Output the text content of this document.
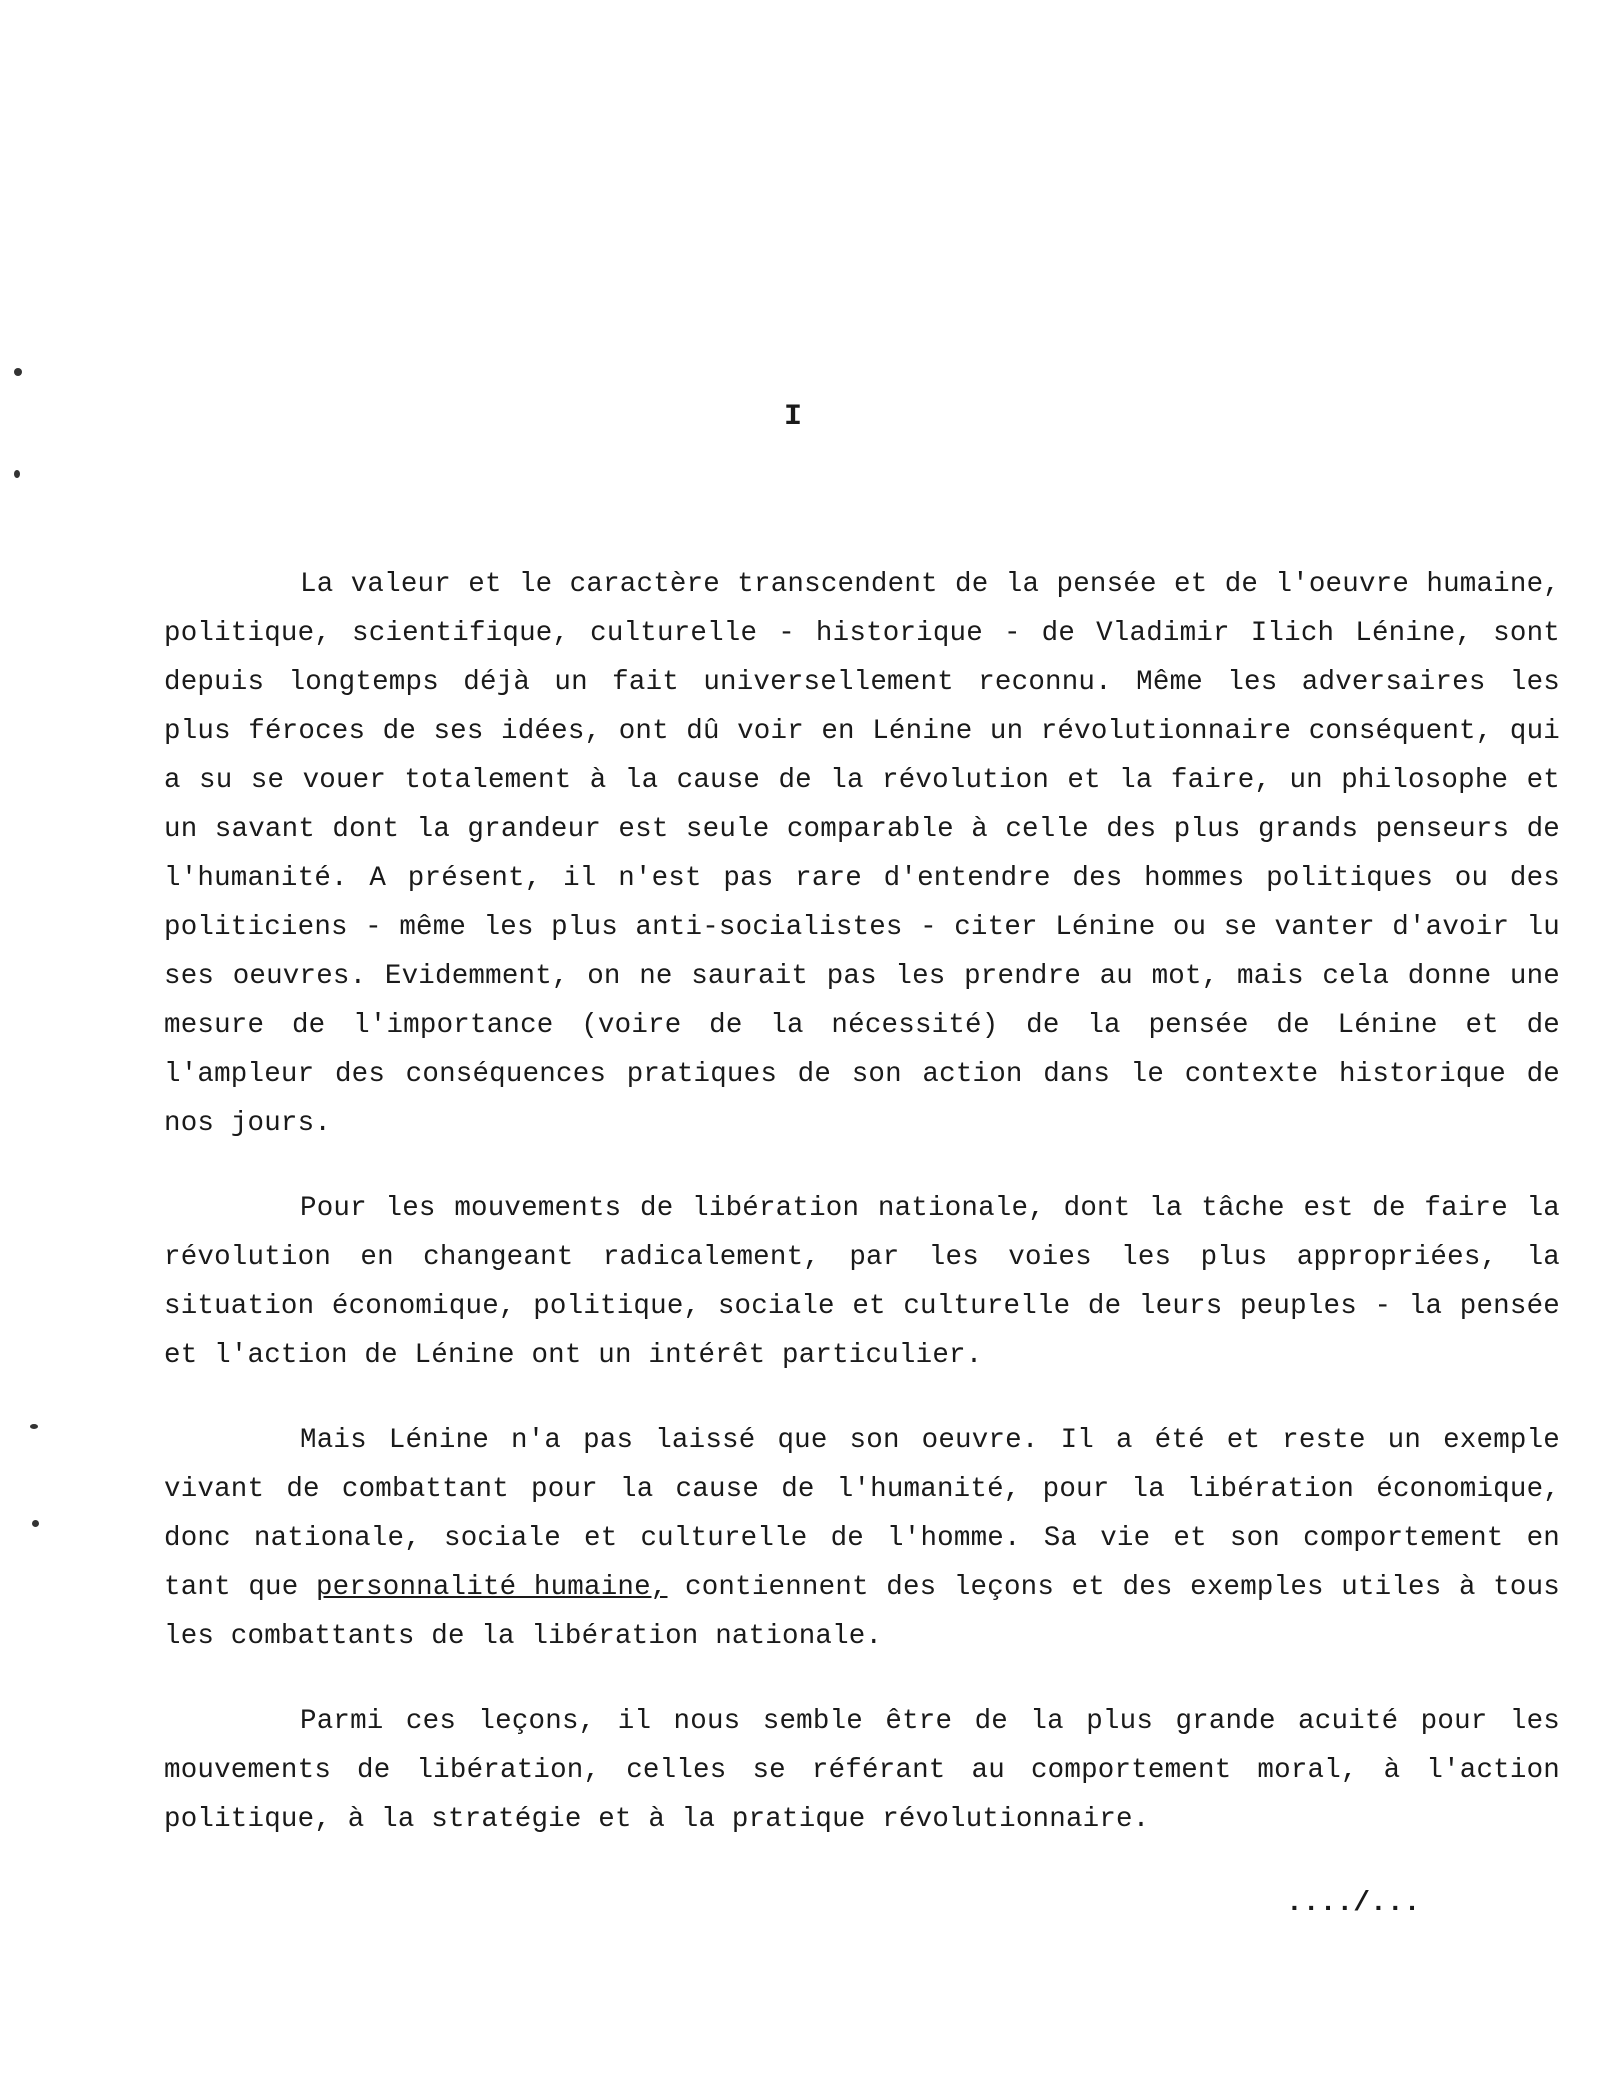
I

La valeur et le caractère transcendent de la pensée et de l'oeuvre humaine, politique, scientifique, culturelle - historique - de Vladimir Ilich Lénine, sont depuis longtemps déjà un fait universellement reconnu. Même les adversaires les plus féroces de ses idées, ont dû voir en Lénine un révolutionnaire conséquent, qui a su se vouer totalement à la cause de la révolution et la faire, un philosophe et un savant dont la grandeur est seule comparable à celle des plus grands penseurs de l'humanité. A présent, il n'est pas rare d'entendre des hommes politiques ou des politiciens - même les plus anti-socialistes - citer Lénine ou se vanter d'avoir lu ses oeuvres. Evidemment, on ne saurait pas les prendre au mot, mais cela donne une mesure de l'importance (voire de la nécessité) de la pensée de Lénine et de l'ampleur des conséquences pratiques de son action dans le contexte historique de nos jours.

Pour les mouvements de libération nationale, dont la tâche est de faire la révolution en changeant radicalement, par les voies les plus appropriées, la situation économique, politique, sociale et culturelle de leurs peuples - la pensée et l'action de Lénine ont un intérêt particulier.

Mais Lénine n'a pas laissé que son oeuvre. Il a été et reste un exemple vivant de combattant pour la cause de l'humanité, pour la libération économique, donc nationale, sociale et culturelle de l'homme. Sa vie et son comportement en tant que personnalité humaine, contiennent des leçons et des exemples utiles à tous les combattants de la libération nationale.

Parmi ces leçons, il nous semble être de la plus grande acuité pour les mouvements de libération, celles se référant au comportement moral, à l'action politique, à la stratégie et à la pratique révolutionnaire.

..../...
